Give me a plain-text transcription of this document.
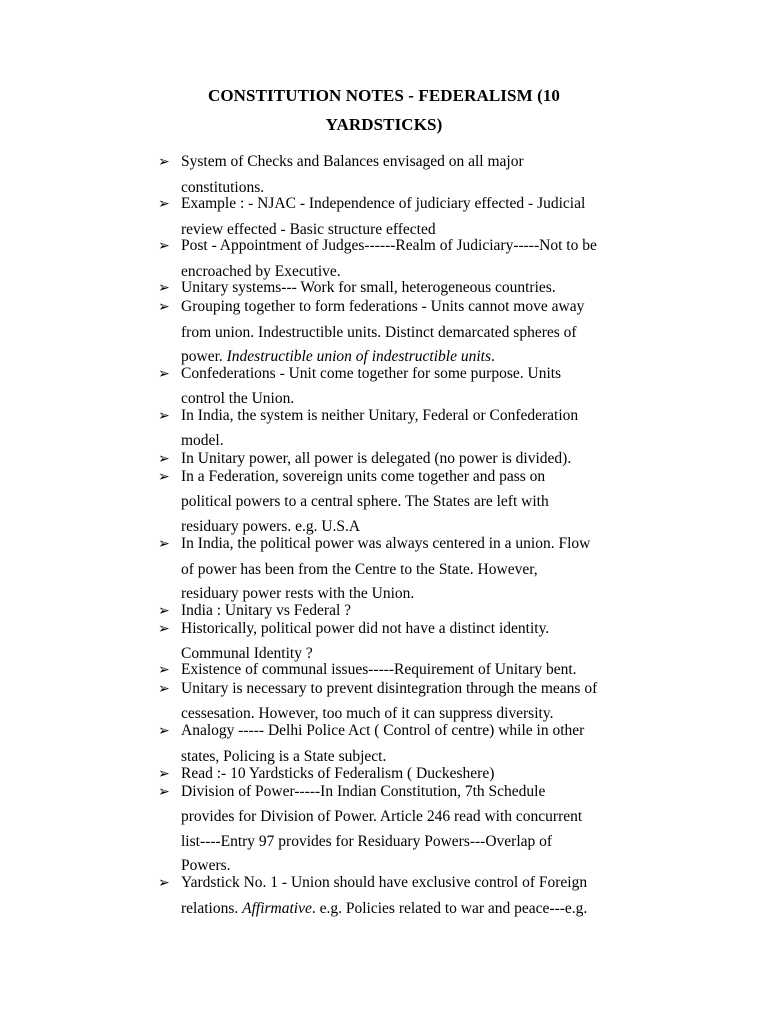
CONSTITUTION NOTES - FEDERALISM (10
YARDSTICKS)
➢ System of Checks and Balances envisaged on all major
constitutions.
➢ Example : - NJAC - Independence of judiciary effected - Judicial
review effected - Basic structure effected
➢ Post - Appointment of Judges------Realm of Judiciary-----Not to be
encroached by Executive.
➢ Unitary systems--- Work for small, heterogeneous countries.
➢ Grouping together to form federations - Units cannot move away
from union. Indestructible units. Distinct demarcated spheres of
power. Indestructible union of indestructible units.
➢ Confederations - Unit come together for some purpose. Units
control the Union.
➢ In India, the system is neither Unitary, Federal or Confederation
model.
➢ In Unitary power, all power is delegated (no power is divided).
➢ In a Federation, sovereign units come together and pass on
political powers to a central sphere. The States are left with
residuary powers. e.g. U.S.A
➢ In India, the political power was always centered in a union. Flow
of power has been from the Centre to the State. However,
residuary power rests with the Union.
➢ India : Unitary vs Federal ?
➢ Historically, political power did not have a distinct identity.
Communal Identity ?
➢ Existence of communal issues-----Requirement of Unitary bent.
➢ Unitary is necessary to prevent disintegration through the means of
cessesation. However, too much of it can suppress diversity.
➢ Analogy ----- Delhi Police Act ( Control of centre) while in other
states, Policing is a State subject.
➢ Read :- 10 Yardsticks of Federalism ( Duckeshere)
➢ Division of Power-----In Indian Constitution, 7th Schedule
provides for Division of Power. Article 246 read with concurrent
list----Entry 97 provides for Residuary Powers---Overlap of
Powers.
➢ Yardstick No. 1 - Union should have exclusive control of Foreign
relations. Affirmative. e.g. Policies related to war and peace---e.g.
